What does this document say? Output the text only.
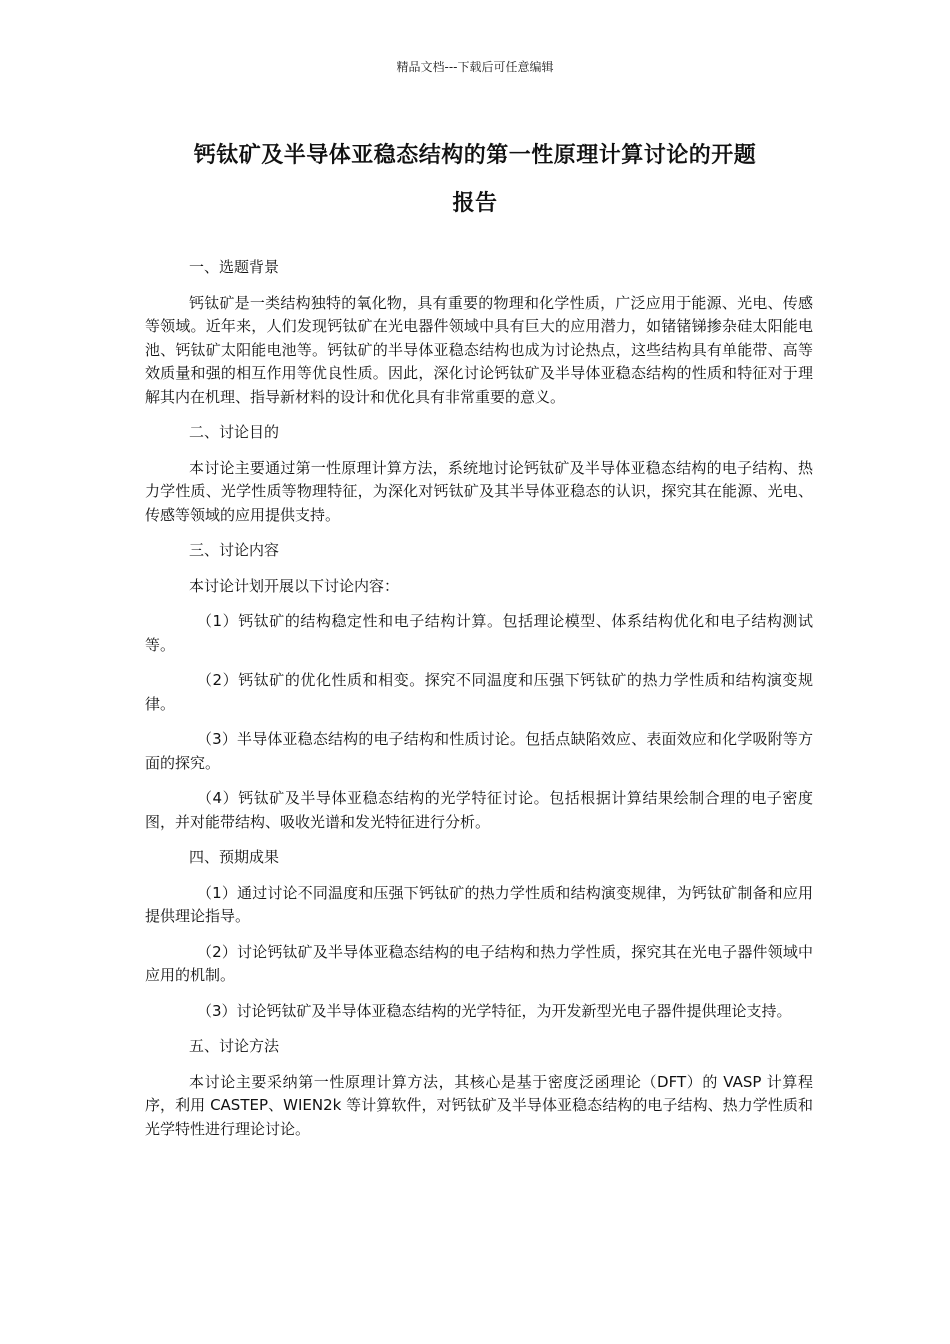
精品文档---下载后可任意编辑
钙钛矿及半导体亚稳态结构的第一性原理计算讨论的开题
报告
一、选题背景

钙钛矿是一类结构独特的氧化物，具有重要的物理和化学性质，广泛应用于能源、光电、传感等领域。近年来，人们发现钙钛矿在光电器件领域中具有巨大的应用潜力，如锗锗锑掺杂硅太阳能电池、钙钛矿太阳能电池等。钙钛矿的半导体亚稳态结构也成为讨论热点，这些结构具有单能带、高等效质量和强的相互作用等优良性质。因此，深化讨论钙钛矿及半导体亚稳态结构的性质和特征对于理解其内在机理、指导新材料的设计和优化具有非常重要的意义。

二、讨论目的

本讨论主要通过第一性原理计算方法，系统地讨论钙钛矿及半导体亚稳态结构的电子结构、热力学性质、光学性质等物理特征，为深化对钙钛矿及其半导体亚稳态的认识，探究其在能源、光电、传感等领域的应用提供支持。

三、讨论内容

本讨论计划开展以下讨论内容：

（1）钙钛矿的结构稳定性和电子结构计算。包括理论模型、体系结构优化和电子结构测试等。

（2）钙钛矿的优化性质和相变。探究不同温度和压强下钙钛矿的热力学性质和结构演变规律。

（3）半导体亚稳态结构的电子结构和性质讨论。包括点缺陷效应、表面效应和化学吸附等方面的探究。

（4）钙钛矿及半导体亚稳态结构的光学特征讨论。包括根据计算结果绘制合理的电子密度图，并对能带结构、吸收光谱和发光特征进行分析。

四、预期成果

（1）通过讨论不同温度和压强下钙钛矿的热力学性质和结构演变规律，为钙钛矿制备和应用提供理论指导。

（2）讨论钙钛矿及半导体亚稳态结构的电子结构和热力学性质，探究其在光电子器件领域中应用的机制。

（3）讨论钙钛矿及半导体亚稳态结构的光学特征，为开发新型光电子器件提供理论支持。

五、讨论方法

本讨论主要采纳第一性原理计算方法，其核心是基于密度泛函理论（DFT）的 VASP 计算程序，利用 CASTEP、WIEN2k 等计算软件，对钙钛矿及半导体亚稳态结构的电子结构、热力学性质和光学特性进行理论讨论。
